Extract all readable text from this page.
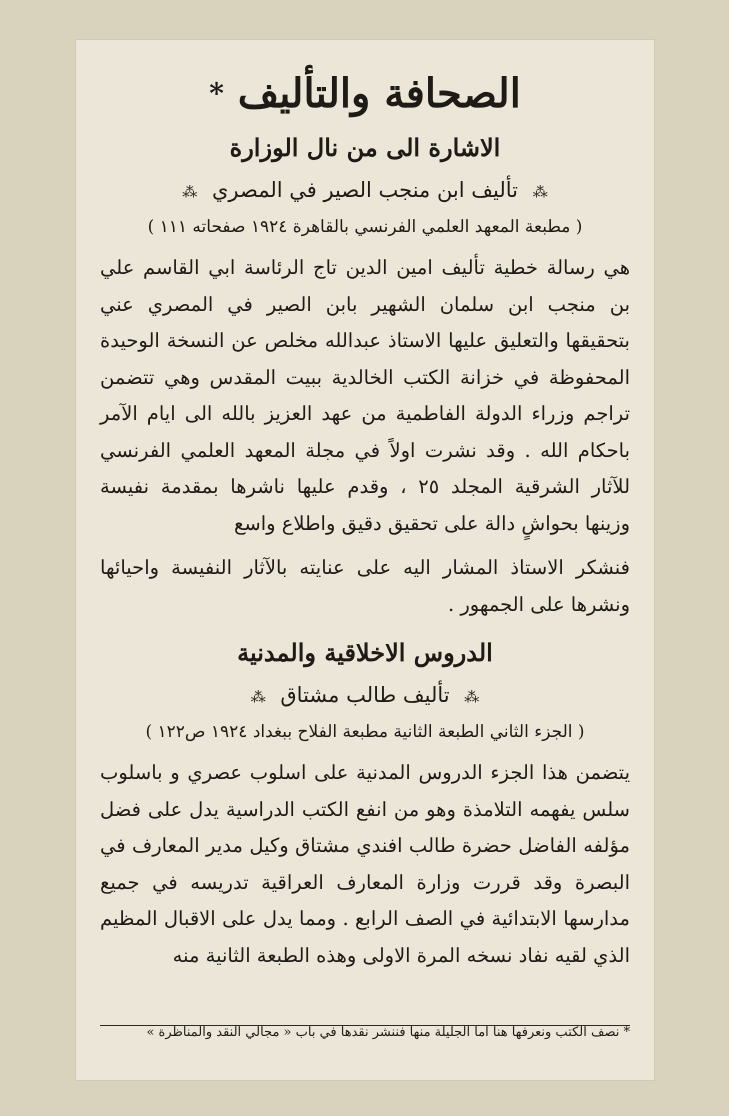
الصحافة والتأليف *
الاشارة الى من نال الوزارة

⁂ تأليف ابن منجب الصير في المصري ⁂

( مطبعة المعهد العلمي الفرنسي بالقاهرة ١٩٢٤ صفحاته ١١١ )

هي رسالة خطية تأليف امين الدين تاج الرئاسة ابي القاسم علي بن منجب ابن سلمان الشهير بابن الصير في المصري عني بتحقيقها والتعليق عليها الاستاذ عبدالله مخلص عن النسخة الوحيدة المحفوظة في خزانة الكتب الخالدية ببيت المقدس وهي تتضمن تراجم وزراء الدولة الفاطمية من عهد العزيز بالله الى ايام الآمر باحكام الله . وقد نشرت اولاً في مجلة المعهد العلمي الفرنسي للآثار الشرقية المجلد ٢٥ ، وقدم عليها ناشرها بمقدمة نفيسة وزينها بحواشٍ دالة على تحقيق دقيق واطلاع واسع

فنشكر الاستاذ المشار اليه على عنايته بالآثار النفيسة واحيائها ونشرها على الجمهور .

الدروس الاخلاقية والمدنية

⁂ تأليف طالب مشتاق ⁂

( الجزء الثاني الطبعة الثانية مطبعة الفلاح ببغداد ١٩٢٤ ص١٢٢ )

يتضمن هذا الجزء الدروس المدنية على اسلوب عصري و باسلوب سلس يفهمه التلامذة وهو من انفع الكتب الدراسية يدل على فضل مؤلفه الفاضل حضرة طالب افندي مشتاق وكيل مدير المعارف في البصرة وقد قررت وزارة المعارف العراقية تدريسه في جميع مدارسها الابتدائية في الصف الرابع . ومما يدل على الاقبال المظيم الذي لقيه نفاد نسخه المرة الاولى وهذه الطبعة الثانية منه

* نصف الكتب ونعرفها هنا اما الجليلة منها فننشر نقدها في باب « مجالي النقد والمناظرة »
